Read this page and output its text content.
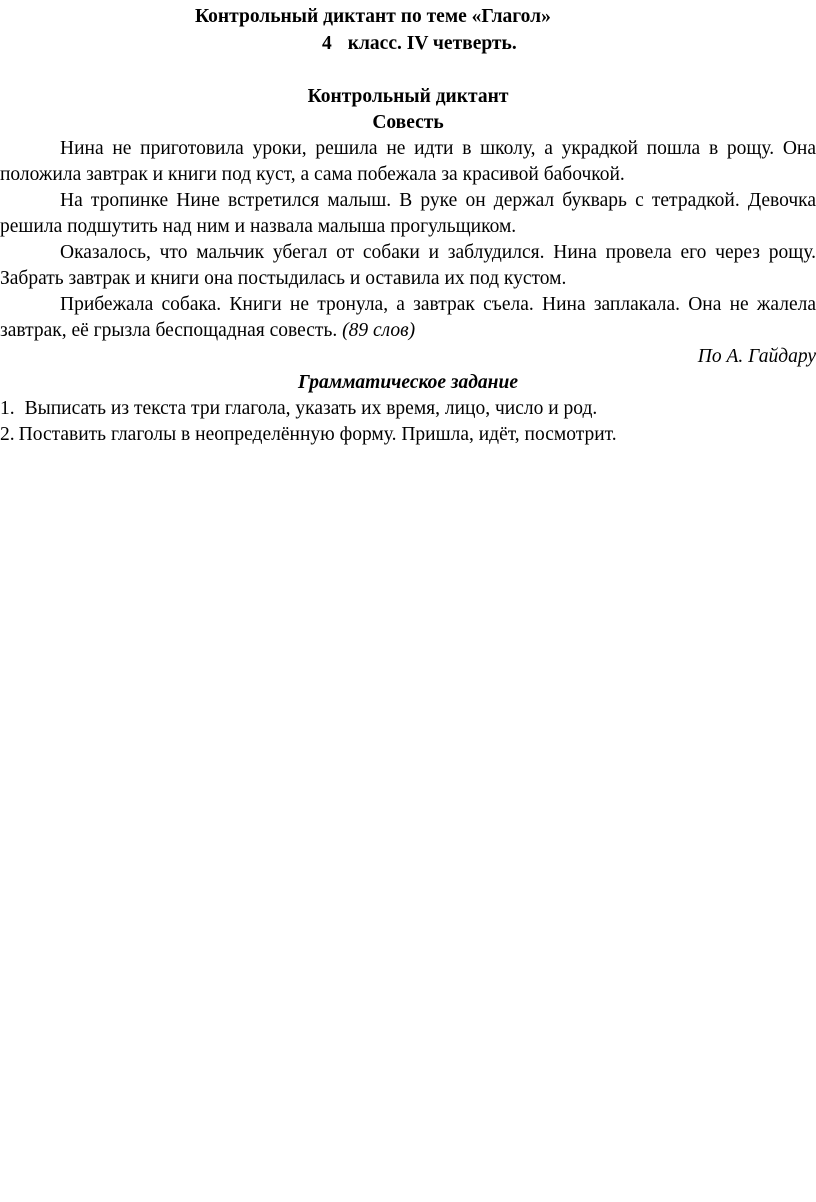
Контрольный диктант по теме «Глагол»
4 класс. IV четверть.
Контрольный диктант
Совесть

Нина не приготовила уроки, решила не идти в школу, а украдкой пошла в рощу. Она положила завтрак и книги под куст, а сама побежала за красивой бабочкой.

На тропинке Нине встретился малыш. В руке он держал букварь с тетрадкой. Девочка решила подшутить над ним и назвала малыша прогульщиком.

Оказалось, что мальчик убегал от собаки и заблудился. Нина провела его через рощу. Забрать завтрак и книги она постыдилась и оставила их под кустом.

Прибежала собака. Книги не тронула, а завтрак съела. Нина заплакала. Она не жалела завтрак, её грызла беспощадная совесть. (89 слов)

По А. Гайдару

Грамматическое задание

1. Выписать из текста три глагола, указать их время, лицо, число и род.
2. Поставить глаголы в неопределённую форму. Пришла, идёт, посмотрит.
